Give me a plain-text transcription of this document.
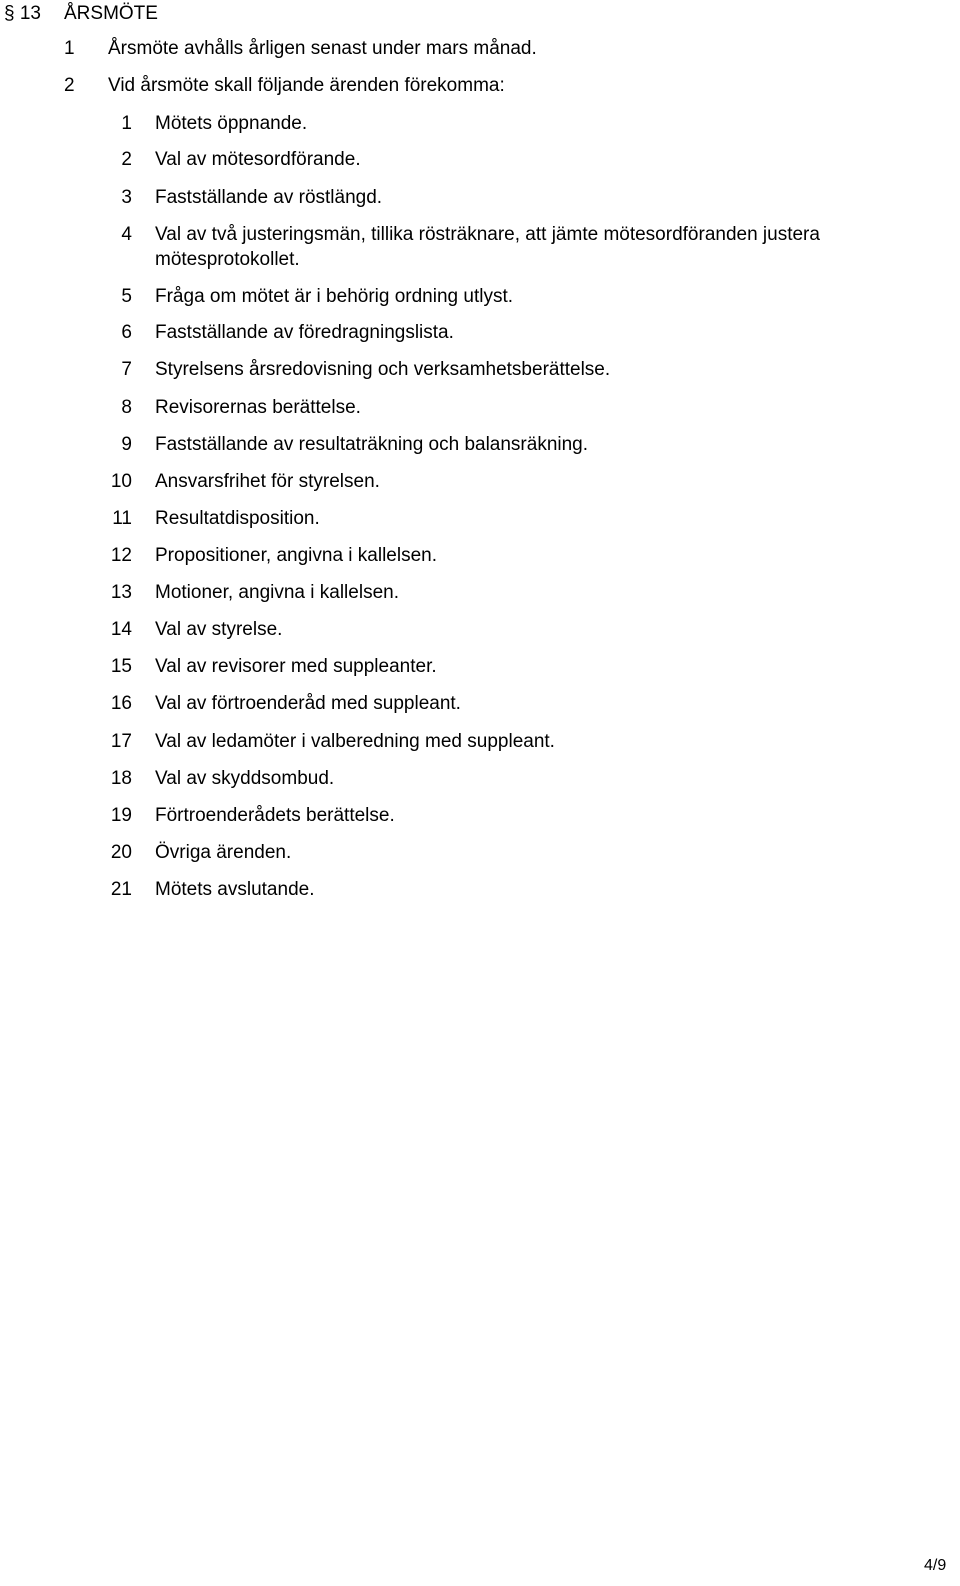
§ 13 ÅRSMÖTE
1 Årsmöte avhålls årligen senast under mars månad.
2 Vid årsmöte skall följande ärenden förekomma:
1 Mötets öppnande.
2 Val av mötesordförande.
3 Fastställande av röstlängd.
4 Val av två justeringsmän, tillika rösträknare, att jämte mötesordföranden justera mötesprotokollet.
5 Fråga om mötet är i behörig ordning utlyst.
6 Fastställande av föredragningslista.
7 Styrelsens årsredovisning och verksamhetsberättelse.
8 Revisorernas berättelse.
9 Fastställande av resultaträkning och balansräkning.
10 Ansvarsfrihet för styrelsen.
11 Resultatdisposition.
12 Propositioner, angivna i kallelsen.
13 Motioner, angivna i kallelsen.
14 Val av styrelse.
15 Val av revisorer med suppleanter.
16 Val av förtroenderåd med suppleant.
17 Val av ledamöter i valberedning med suppleant.
18 Val av skyddsombud.
19 Förtroenderådets berättelse.
20 Övriga ärenden.
21 Mötets avslutande.
4/9
